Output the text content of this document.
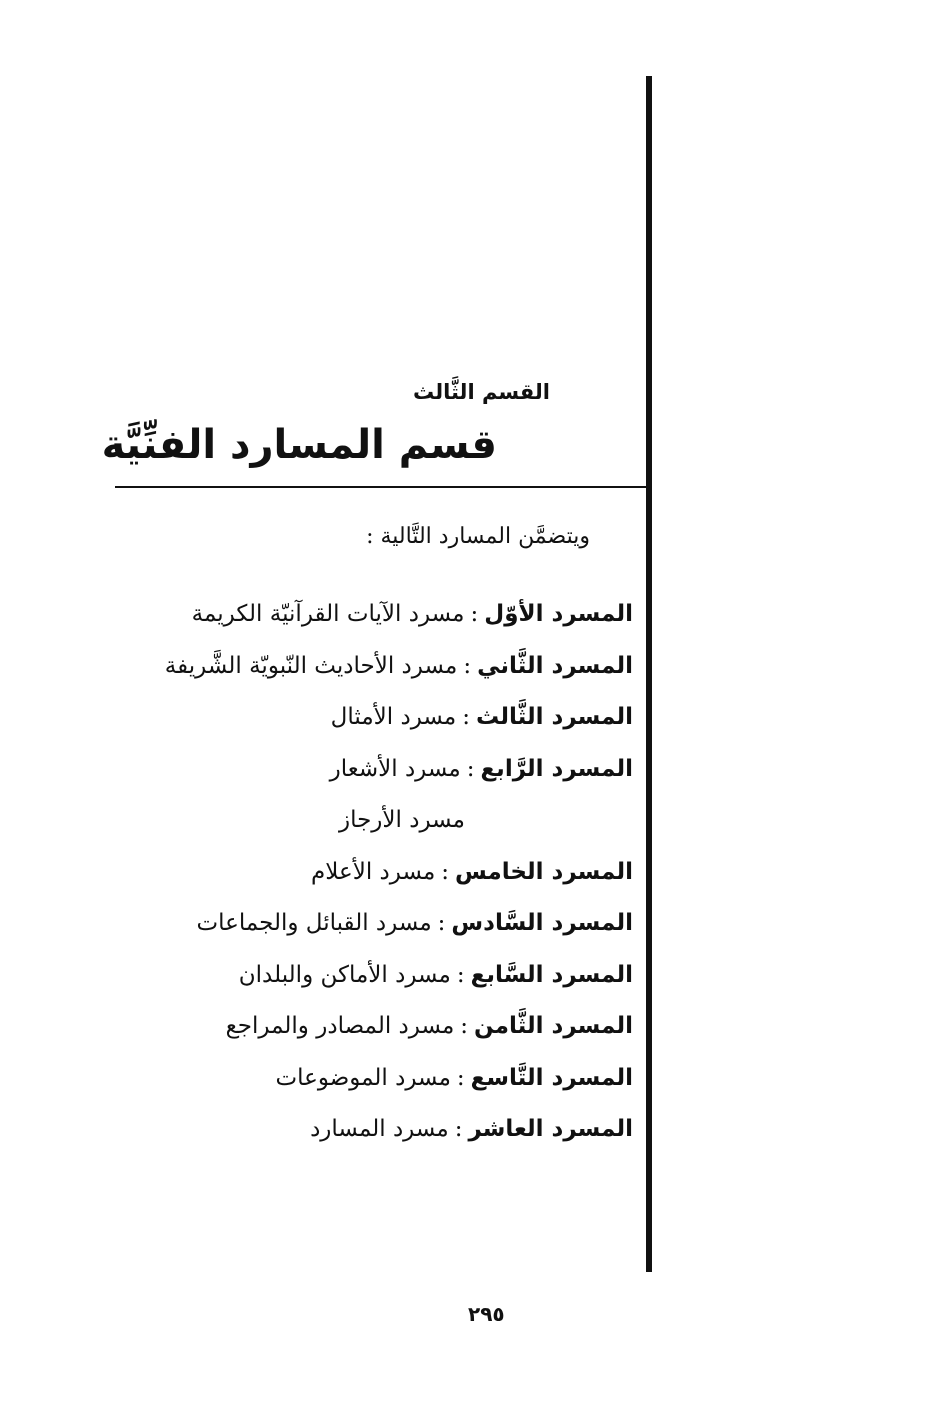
القسم الثَّالث
قسم المسارد الفنِّيَّة
ويتضمَّن المسارد التَّالية :
المسرد الأوّل:مسرد الآيات القرآنيّة الكريمة
المسرد الثَّاني:مسرد الأحاديث النّبويّة الشَّريفة
المسرد الثَّالث:مسرد الأمثال
المسرد الرَّابع:مسرد الأشعار
مسرد الأرجاز
المسرد الخامس:مسرد الأعلام
المسرد السَّادس:مسرد القبائل والجماعات
المسرد السَّابع:مسرد الأماكن والبلدان
المسرد الثَّامن:مسرد المصادر والمراجع
المسرد التَّاسع:مسرد الموضوعات
المسرد العاشر:مسرد المسارد
٢٩٥
